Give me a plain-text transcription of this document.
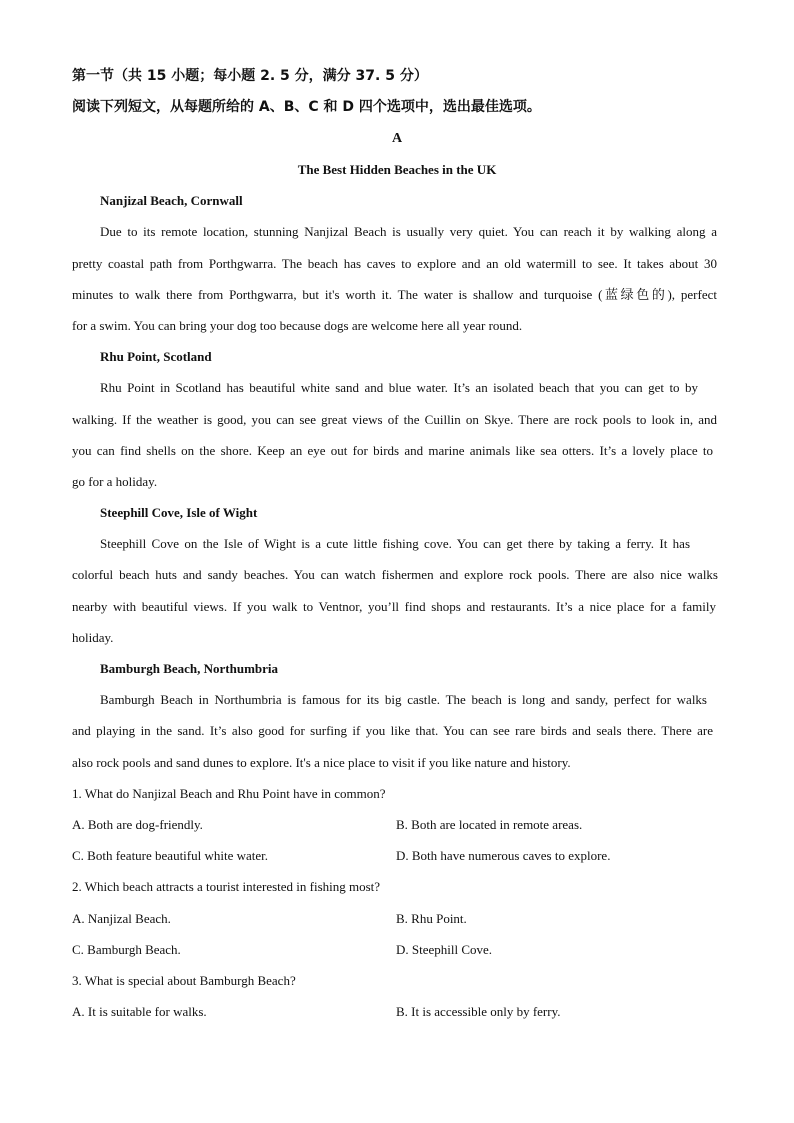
第一节（共 15 小题；每小题 2. 5 分，满分 37. 5 分）
阅读下列短文，从每题所给的 A、B、C 和 D 四个选项中，选出最佳选项。
A
The Best Hidden Beaches in the UK
Nanjizal Beach, Cornwall
Due to its remote location, stunning Nanjizal Beach is usually very quiet. You can reach it by walking along a
pretty coastal path from Porthgwarra. The beach has caves to explore and an old watermill to see. It takes about 30
minutes to walk there from Porthgwarra, but it's worth it. The water is shallow and turquoise (蓝绿色的), perfect
for a swim. You can bring your dog too because dogs are welcome here all year round.
Rhu Point, Scotland
Rhu Point in Scotland has beautiful white sand and blue water. It’s an isolated beach that you can get to by
walking. If the weather is good, you can see great views of the Cuillin on Skye. There are rock pools to look in, and
you can find shells on the shore. Keep an eye out for birds and marine animals like sea otters. It’s a lovely place to
go for a holiday.
Steephill Cove, Isle of Wight
Steephill Cove on the Isle of Wight is a cute little fishing cove. You can get there by taking a ferry. It has
colorful beach huts and sandy beaches. You can watch fishermen and explore rock pools. There are also nice walks
nearby with beautiful views. If you walk to Ventnor, you’ll find shops and restaurants. It’s a nice place for a family
holiday.
Bamburgh Beach, Northumbria
Bamburgh Beach in Northumbria is famous for its big castle. The beach is long and sandy, perfect for walks
and playing in the sand. It’s also good for surfing if you like that. You can see rare birds and seals there. There are
also rock pools and sand dunes to explore. It's a nice place to visit if you like nature and history.
1. What do Nanjizal Beach and Rhu Point have in common?
A. Both are dog-friendly.	B. Both are located in remote areas.
C. Both feature beautiful white water.	D. Both have numerous caves to explore.
2. Which beach attracts a tourist interested in fishing most?
A. Nanjizal Beach.	B. Rhu Point.
C. Bamburgh Beach.	D. Steephill Cove.
3. What is special about Bamburgh Beach?
A. It is suitable for walks.	B. It is accessible only by ferry.
